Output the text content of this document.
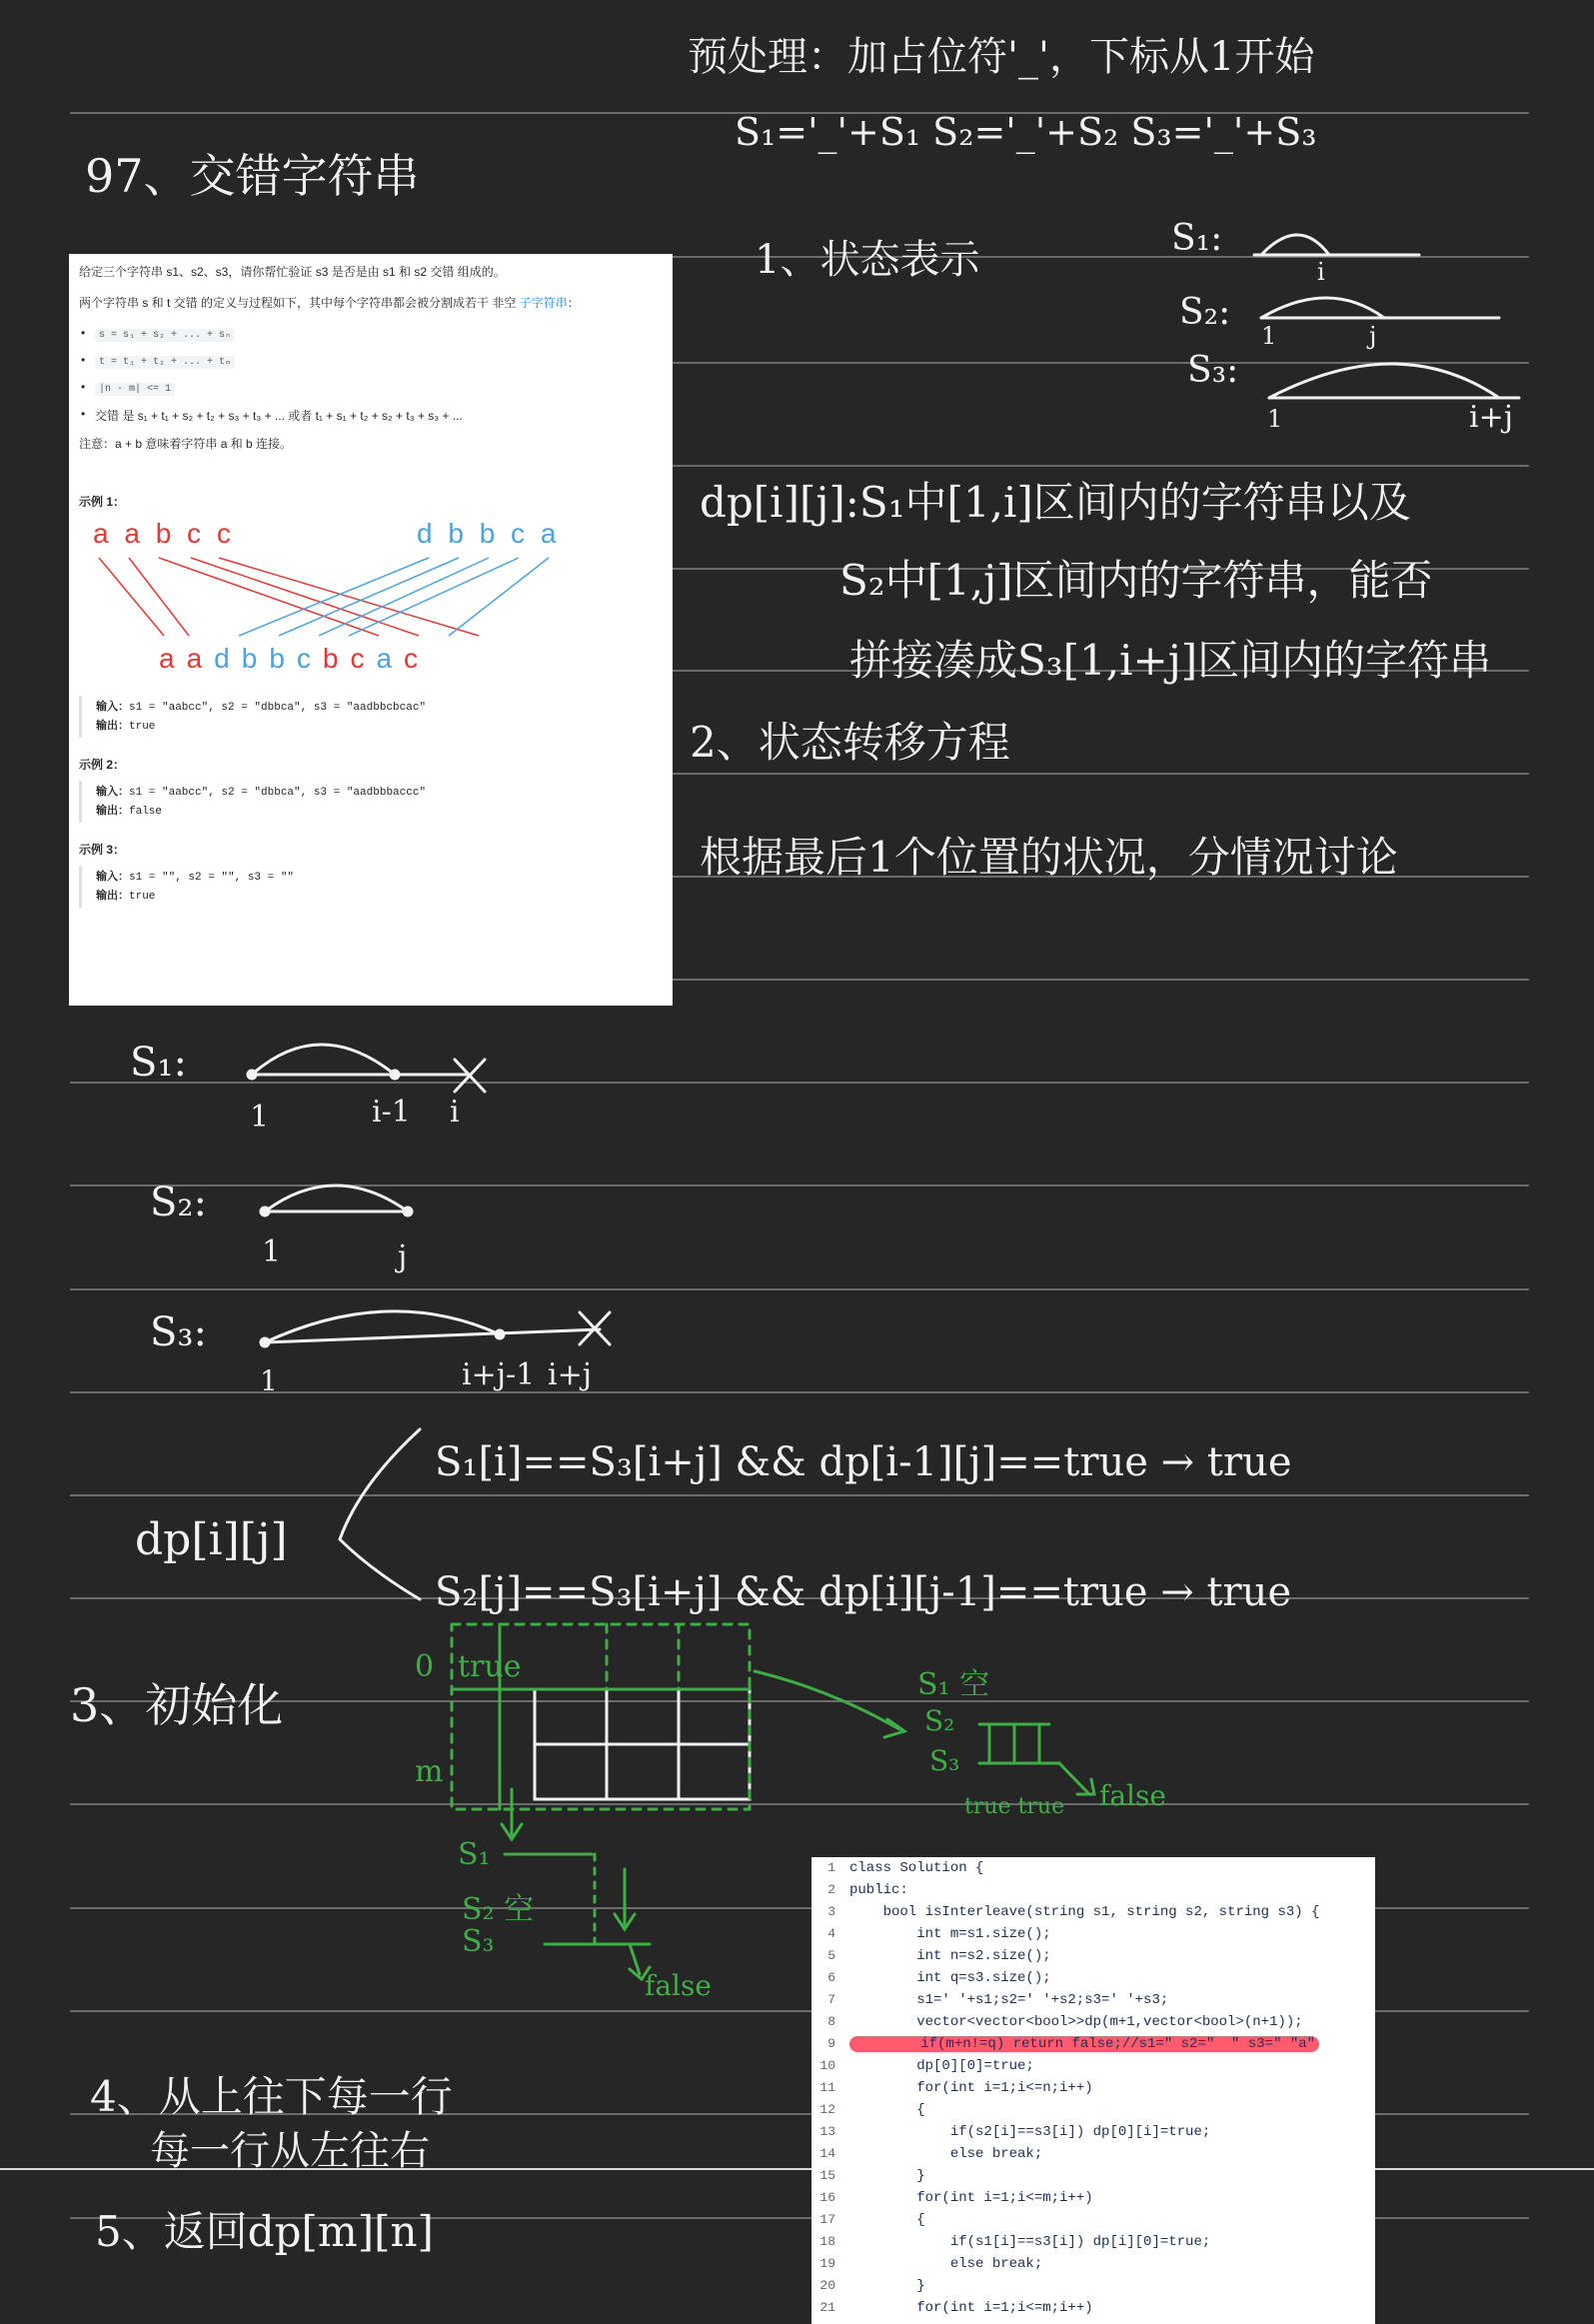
预处理：加占位符'_'，下标从1开始
S₁='_'+S₁ S₂='_'+S₂ S₃='_'+S₃
97、交错字符串
1、状态表示	S₁:
S₂:
S₃:
i
1	j
1	i+j
dp[i][j]:S₁中[1,i]区间内的字符串以及
S₂中[1,j]区间内的字符串，能否
拼接凑成S₃[1,i+j]区间内的字符串
2、状态转移方程
根据最后1个位置的状况，分情况讨论
S₁:
1	i-1 i
S₂:
1	j
S₃:
1	i+j-1 i+j
dp[i][j]
S₁[i]==S₃[i+j] && dp[i-1][j]==true → true
S₂[j]==S₃[i+j] && dp[i][j-1]==true → true
3、初始化
0 true
m
S₁
S₂ 空
S₃
false
S₁ 空
S₂
S₃
true true false
4、从上往下每一行
每一行从左往右
5、返回dp[m][n]

给定三个字符串 s1、s2、s3，请你帮忙验证 s3 是否是由 s1 和 s2 交错 组成的。

两个字符串 s 和 t 交错 的定义与过程如下，其中每个字符串都会被分割成若干 非空 子字符串：

• s = s₁ + s₂ + ... + sₙ
• t = t₁ + t₂ + ... + tₘ
• |n - m| <= 1
• 交错 是 s₁ + t₁ + s₂ + t₂ + s₃ + t₃ + ... 或者 t₁ + s₁ + t₂ + s₂ + t₃ + s₃ + ...

注意：a + b 意味着字符串 a 和 b 连接。

示例 1：
a a b c c	d b b c a
a a d b b c b c a c
输入：s1 = "aabcc", s2 = "dbbca", s3 = "aadbbcbcac"
输出：true
示例 2：
输入：s1 = "aabcc", s2 = "dbbca", s3 = "aadbbbaccc"
输出：false
示例 3：
输入：s1 = "", s2 = "", s3 = ""
输出：true
1 class Solution {
2 public:
3    bool isInterleave(string s1, string s2, string s3) {
4        int m=s1.size();
5        int n=s2.size();
6        int q=s3.size();
7        s1=' '+s1;s2=' '+s2;s3=' '+s3;
8        vector<vector<bool>>dp(m+1,vector<bool>(n+1));
9        if(m+n!=q) return false;//s1=" s2="  " s3=" "a"
10        dp[0][0]=true;
11        for(int i=1;i<=n;i++)
12        {
13            if(s2[i]==s3[i]) dp[0][i]=true;
14            else break;
15        }
16        for(int i=1;i<=m;i++)
17        {
18            if(s1[i]==s3[i]) dp[i][0]=true;
19            else break;
20        }
21        for(int i=1;i<=m;i++)
